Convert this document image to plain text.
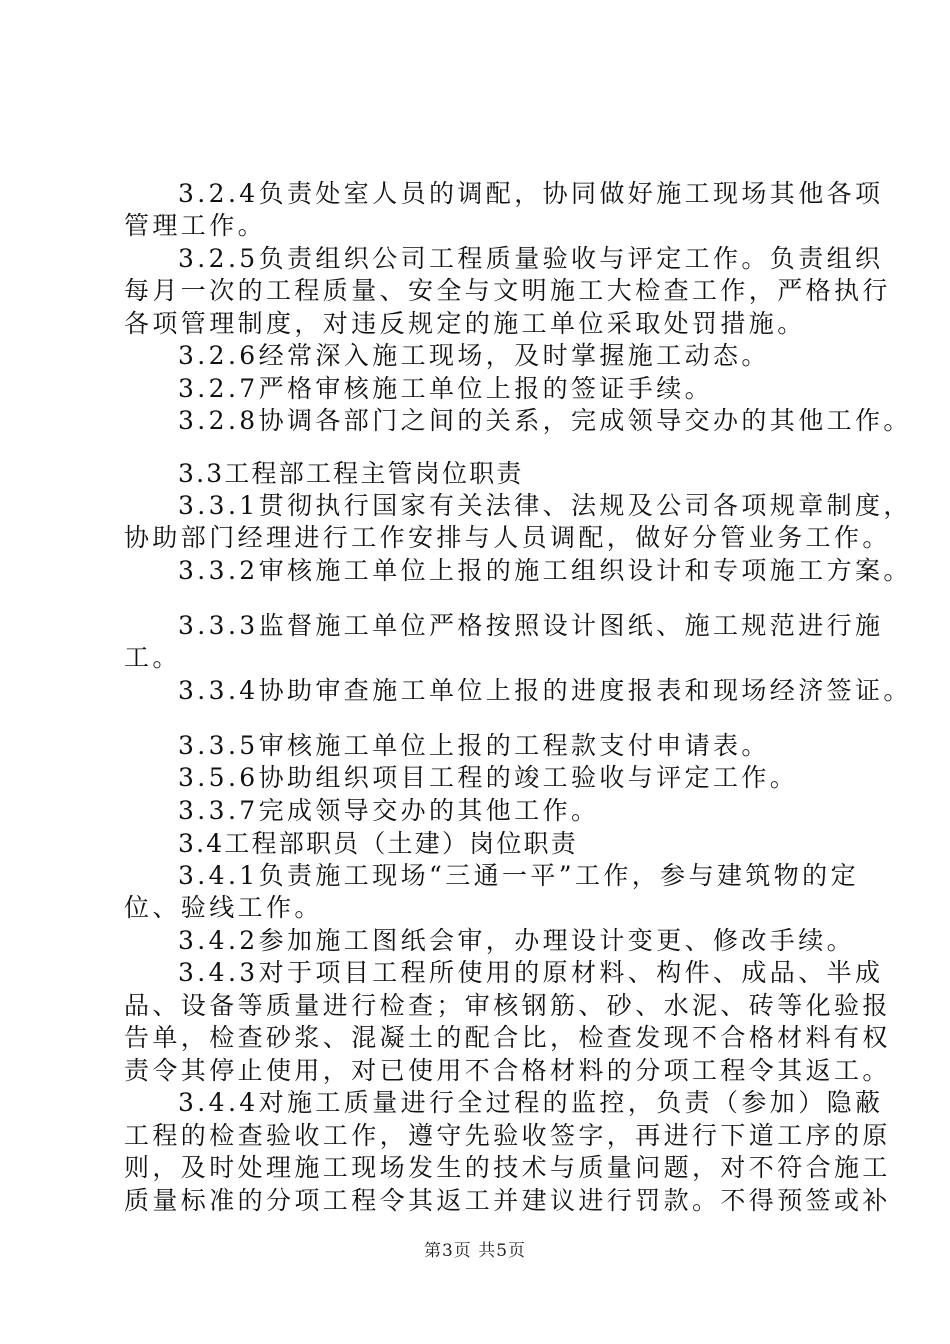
3.2.4负责处室人员的调配，协同做好施工现场其他各项
管理工作。
3.2.5负责组织公司工程质量验收与评定工作。负责组织
每月一次的工程质量、安全与文明施工大检查工作，严格执行
各项管理制度，对违反规定的施工单位采取处罚措施。
3.2.6经常深入施工现场，及时掌握施工动态。
3.2.7严格审核施工单位上报的签证手续。
3.2.8协调各部门之间的关系，完成领导交办的其他工作。
3.3工程部工程主管岗位职责
3.3.1贯彻执行国家有关法律、法规及公司各项规章制度，
协助部门经理进行工作安排与人员调配，做好分管业务工作。
3.3.2审核施工单位上报的施工组织设计和专项施工方案。
3.3.3监督施工单位严格按照设计图纸、施工规范进行施
工。
3.3.4协助审查施工单位上报的进度报表和现场经济签证。
3.3.5审核施工单位上报的工程款支付申请表。
3.5.6协助组织项目工程的竣工验收与评定工作。
3.3.7完成领导交办的其他工作。
3.4工程部职员（土建）岗位职责
3.4.1负责施工现场“三通一平”工作，参与建筑物的定
位、验线工作。
3.4.2参加施工图纸会审，办理设计变更、修改手续。
3.4.3对于项目工程所使用的原材料、构件、成品、半成
品、设备等质量进行检查；审核钢筋、砂、水泥、砖等化验报
告单，检查砂浆、混凝土的配合比，检查发现不合格材料有权
责令其停止使用，对已使用不合格材料的分项工程令其返工。
3.4.4对施工质量进行全过程的监控，负责（参加）隐蔽
工程的检查验收工作，遵守先验收签字，再进行下道工序的原
则，及时处理施工现场发生的技术与质量问题，对不符合施工
质量标准的分项工程令其返工并建议进行罚款。不得预签或补
第3页 共5页
